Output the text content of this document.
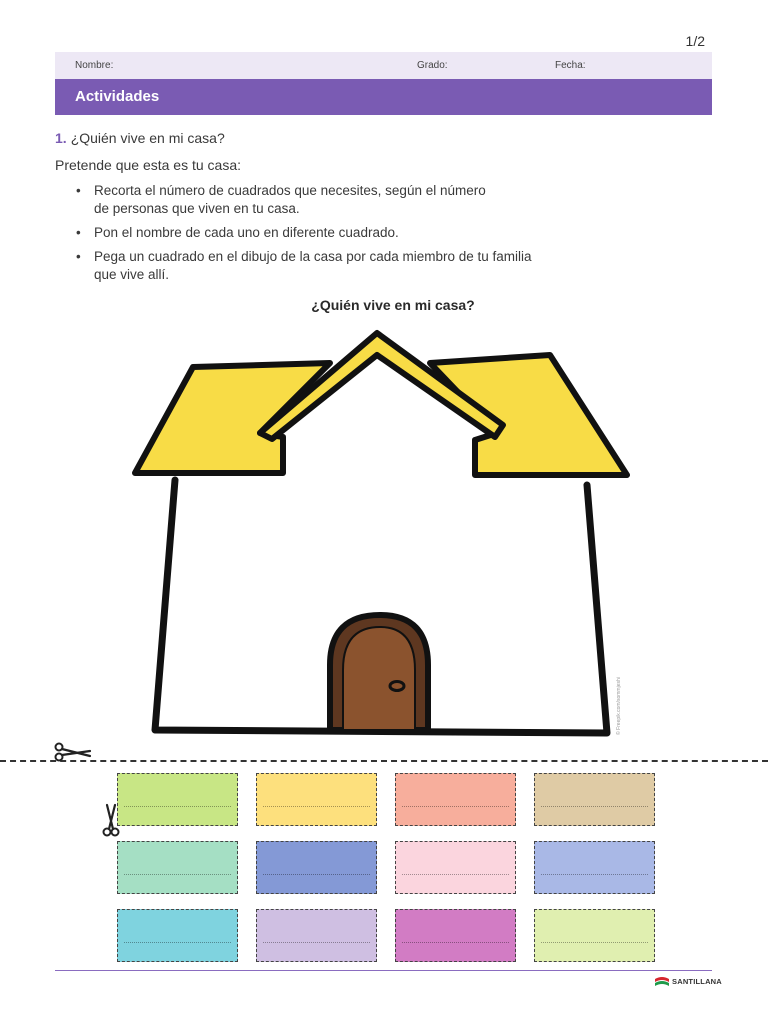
1/2
Nombre:	Grado:	Fecha:
Actividades
1. ¿Quién vive en mi casa?
Pretende que esta es tu casa:
• Recorta el número de cuadrados que necesites, según el número
de personas que viven en tu casa.
• Pon el nombre de cada uno en diferente cuadrado.
• Pega un cuadrado en el dibujo de la casa por cada miembro de tu familia
que vive allí.
¿Quién vive en mi casa?
© Freepik.com/sommjeshi
SANTILLANA
